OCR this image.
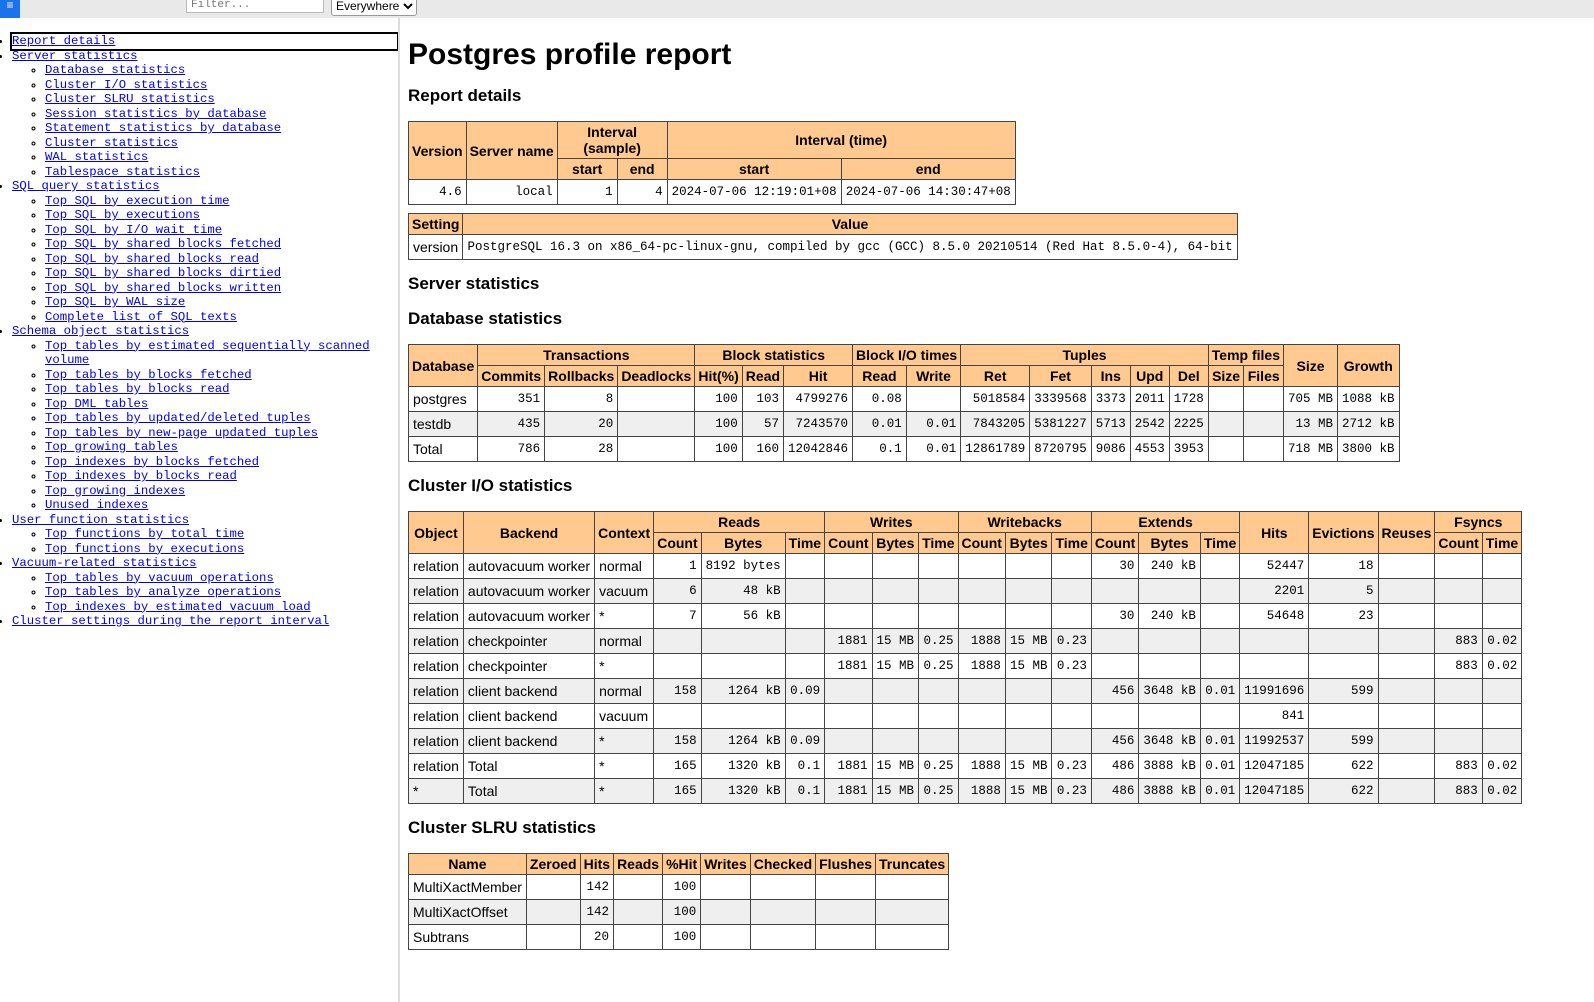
≡
Filter...
Everywhere
• Report details
• Server statistics
◦ Database statistics
◦ Cluster I/O statistics
◦ Cluster SLRU statistics
◦ Session statistics by database
◦ Statement statistics by database
◦ Cluster statistics
◦ WAL statistics
◦ Tablespace statistics
• SQL query statistics
◦ Top SQL by execution time
◦ Top SQL by executions
◦ Top SQL by I/O wait time
◦ Top SQL by shared blocks fetched
◦ Top SQL by shared blocks read
◦ Top SQL by shared blocks dirtied
◦ Top SQL by shared blocks written
◦ Top SQL by WAL size
◦ Complete list of SQL texts
• Schema object statistics
◦ Top tables by estimated sequentially scanned volume
◦ Top tables by blocks fetched
◦ Top tables by blocks read
◦ Top DML tables
◦ Top tables by updated/deleted tuples
◦ Top tables by new-page updated tuples
◦ Top growing tables
◦ Top indexes by blocks fetched
◦ Top indexes by blocks read
◦ Top growing indexes
◦ Unused indexes
• User function statistics
◦ Top functions by total time
◦ Top functions by executions
• Vacuum-related statistics
◦ Top tables by vacuum operations
◦ Top tables by analyze operations
◦ Top indexes by estimated vacuum load
• Cluster settings during the report interval
Postgres profile report
Report details
Version	Server name	Interval (sample)		Interval (time)	
		start	end	start	end
4.6	local	1	4	2024-07-06 12:19:01+08	2024-07-06 14:30:47+08
Setting	Value
version	PostgreSQL 16.3 on x86_64-pc-linux-gnu, compiled by gcc (GCC) 8.5.0 20210514 (Red Hat 8.5.0-4), 64-bit
Server statistics
Database statistics
Database	Transactions			Block statistics			Block I/O times		Tuples					Temp files		Size	Growth
	Commits	Rollbacks	Deadlocks	Hit(%)	Read	Hit	Read	Write	Ret	Fet	Ins	Upd	Del	Size	Files		
postgres	351	8		100	103	4799276	0.08		5018584	3339568	3373	2011	1728			705 MB	1088 kB
testdb	435	20		100	57	7243570	0.01	0.01	7843205	5381227	5713	2542	2225			13 MB	2712 kB
Total	786	28		100	160	12042846	0.1	0.01	12861789	8720795	9086	4553	3953			718 MB	3800 kB
Cluster I/O statistics
Object	Backend	Context	Reads			Writes			Writebacks			Extends			Hits	Evictions	Reuses	Fsyncs	
			Count	Bytes	Time	Count	Bytes	Time	Count	Bytes	Time	Count	Bytes	Time				Count	Time
relation	autovacuum worker	normal	1	8192 bytes								30	240 kB		52447	18			
relation	autovacuum worker	vacuum	6	48 kB											2201	5			
relation	autovacuum worker	*	7	56 kB								30	240 kB		54648	23			
relation	checkpointer	normal				1881	15 MB	0.25	1888	15 MB	0.23							883	0.02
relation	checkpointer	*				1881	15 MB	0.25	1888	15 MB	0.23							883	0.02
relation	client backend	normal	158	1264 kB	0.09							456	3648 kB	0.01	11991696	599			
relation	client backend	vacuum													841				
relation	client backend	*	158	1264 kB	0.09							456	3648 kB	0.01	11992537	599			
relation	Total	*	165	1320 kB	0.1	1881	15 MB	0.25	1888	15 MB	0.23	486	3888 kB	0.01	12047185	622		883	0.02
*	Total	*	165	1320 kB	0.1	1881	15 MB	0.25	1888	15 MB	0.23	486	3888 kB	0.01	12047185	622		883	0.02
Cluster SLRU statistics
Name	Zeroed	Hits	Reads	%Hit	Writes	Checked	Flushes	Truncates
MultiXactMember		142		100				
MultiXactOffset		142		100				
Subtrans		20		100				
